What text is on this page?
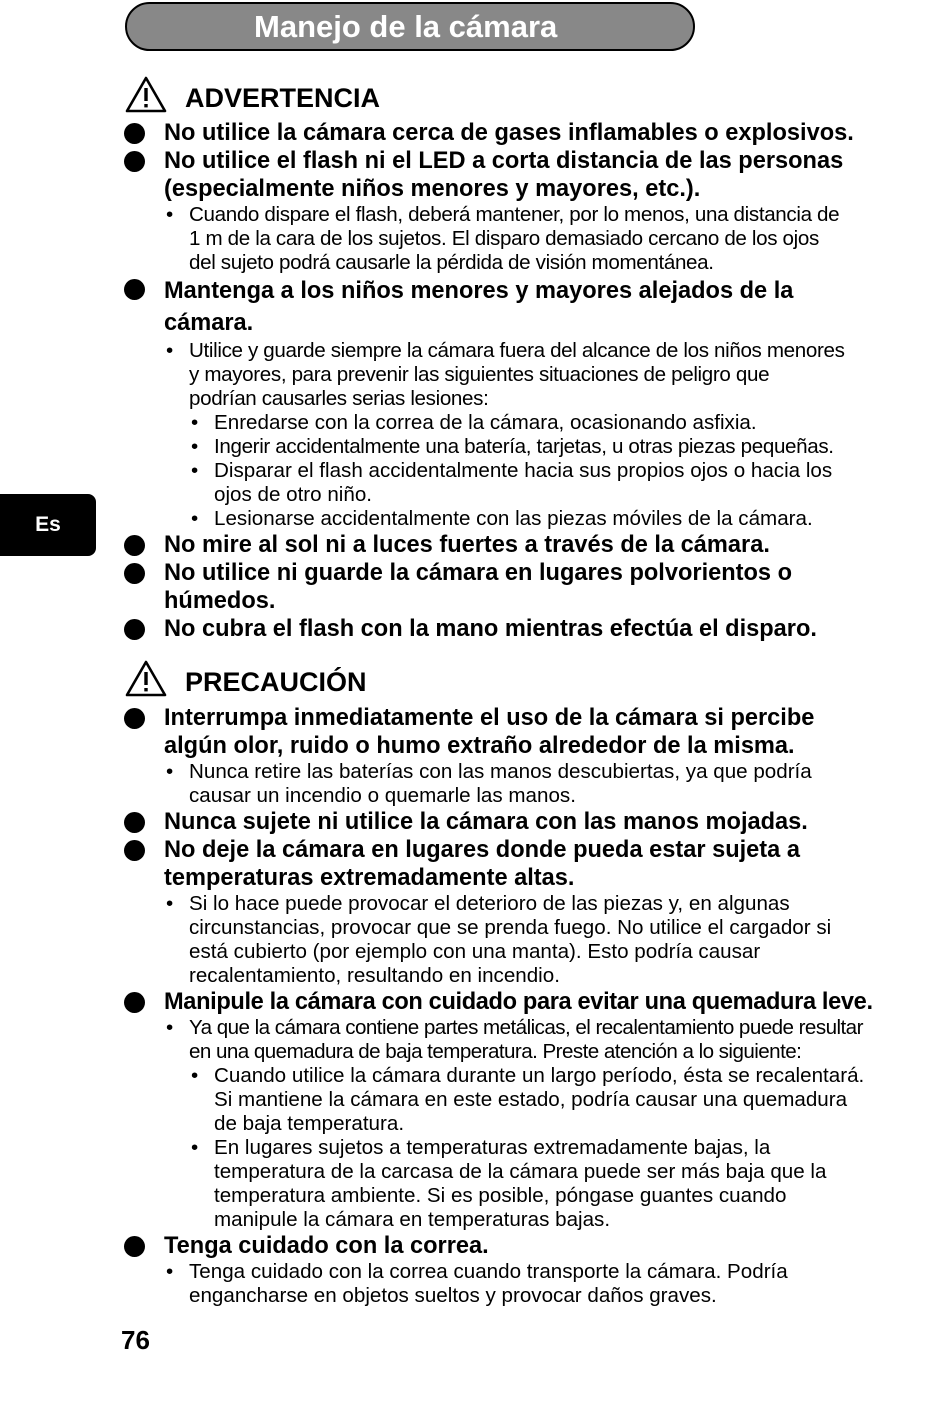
Manejo de la cámara
Es
ADVERTENCIA
No utilice la cámara cerca de gases inflamables o explosivos.
No utilice el flash ni el LED a corta distancia de las personas
(especialmente niños menores y mayores, etc.).
• Cuando dispare el flash, deberá mantener, por lo menos, una distancia de
1 m de la cara de los sujetos. El disparo demasiado cercano de los ojos
del sujeto podrá causarle la pérdida de visión momentánea.
Mantenga a los niños menores y mayores alejados de la
cámara.
• Utilice y guarde siempre la cámara fuera del alcance de los niños menores
y mayores, para prevenir las siguientes situaciones de peligro que
podrían causarles serias lesiones:
• Enredarse con la correa de la cámara, ocasionando asfixia.
• Ingerir accidentalmente una batería, tarjetas, u otras piezas pequeñas.
• Disparar el flash accidentalmente hacia sus propios ojos o hacia los
ojos de otro niño.
• Lesionarse accidentalmente con las piezas móviles de la cámara.
No mire al sol ni a luces fuertes a través de la cámara.
No utilice ni guarde la cámara en lugares polvorientos o
húmedos.
No cubra el flash con la mano mientras efectúa el disparo.
PRECAUCIÓN
Interrumpa inmediatamente el uso de la cámara si percibe
algún olor, ruido o humo extraño alrededor de la misma.
• Nunca retire las baterías con las manos descubiertas, ya que podría
causar un incendio o quemarle las manos.
Nunca sujete ni utilice la cámara con las manos mojadas.
No deje la cámara en lugares donde pueda estar sujeta a
temperaturas extremadamente altas.
• Si lo hace puede provocar el deterioro de las piezas y, en algunas
circunstancias, provocar que se prenda fuego. No utilice el cargador si
está cubierto (por ejemplo con una manta). Esto podría causar
recalentamiento, resultando en incendio.
Manipule la cámara con cuidado para evitar una quemadura leve.
• Ya que la cámara contiene partes metálicas, el recalentamiento puede resultar
en una quemadura de baja temperatura. Preste atención a lo siguiente:
• Cuando utilice la cámara durante un largo período, ésta se recalentará.
Si mantiene la cámara en este estado, podría causar una quemadura
de baja temperatura.
• En lugares sujetos a temperaturas extremadamente bajas, la
temperatura de la carcasa de la cámara puede ser más baja que la
temperatura ambiente. Si es posible, póngase guantes cuando
manipule la cámara en temperaturas bajas.
Tenga cuidado con la correa.
• Tenga cuidado con la correa cuando transporte la cámara. Podría
engancharse en objetos sueltos y provocar daños graves.
76
